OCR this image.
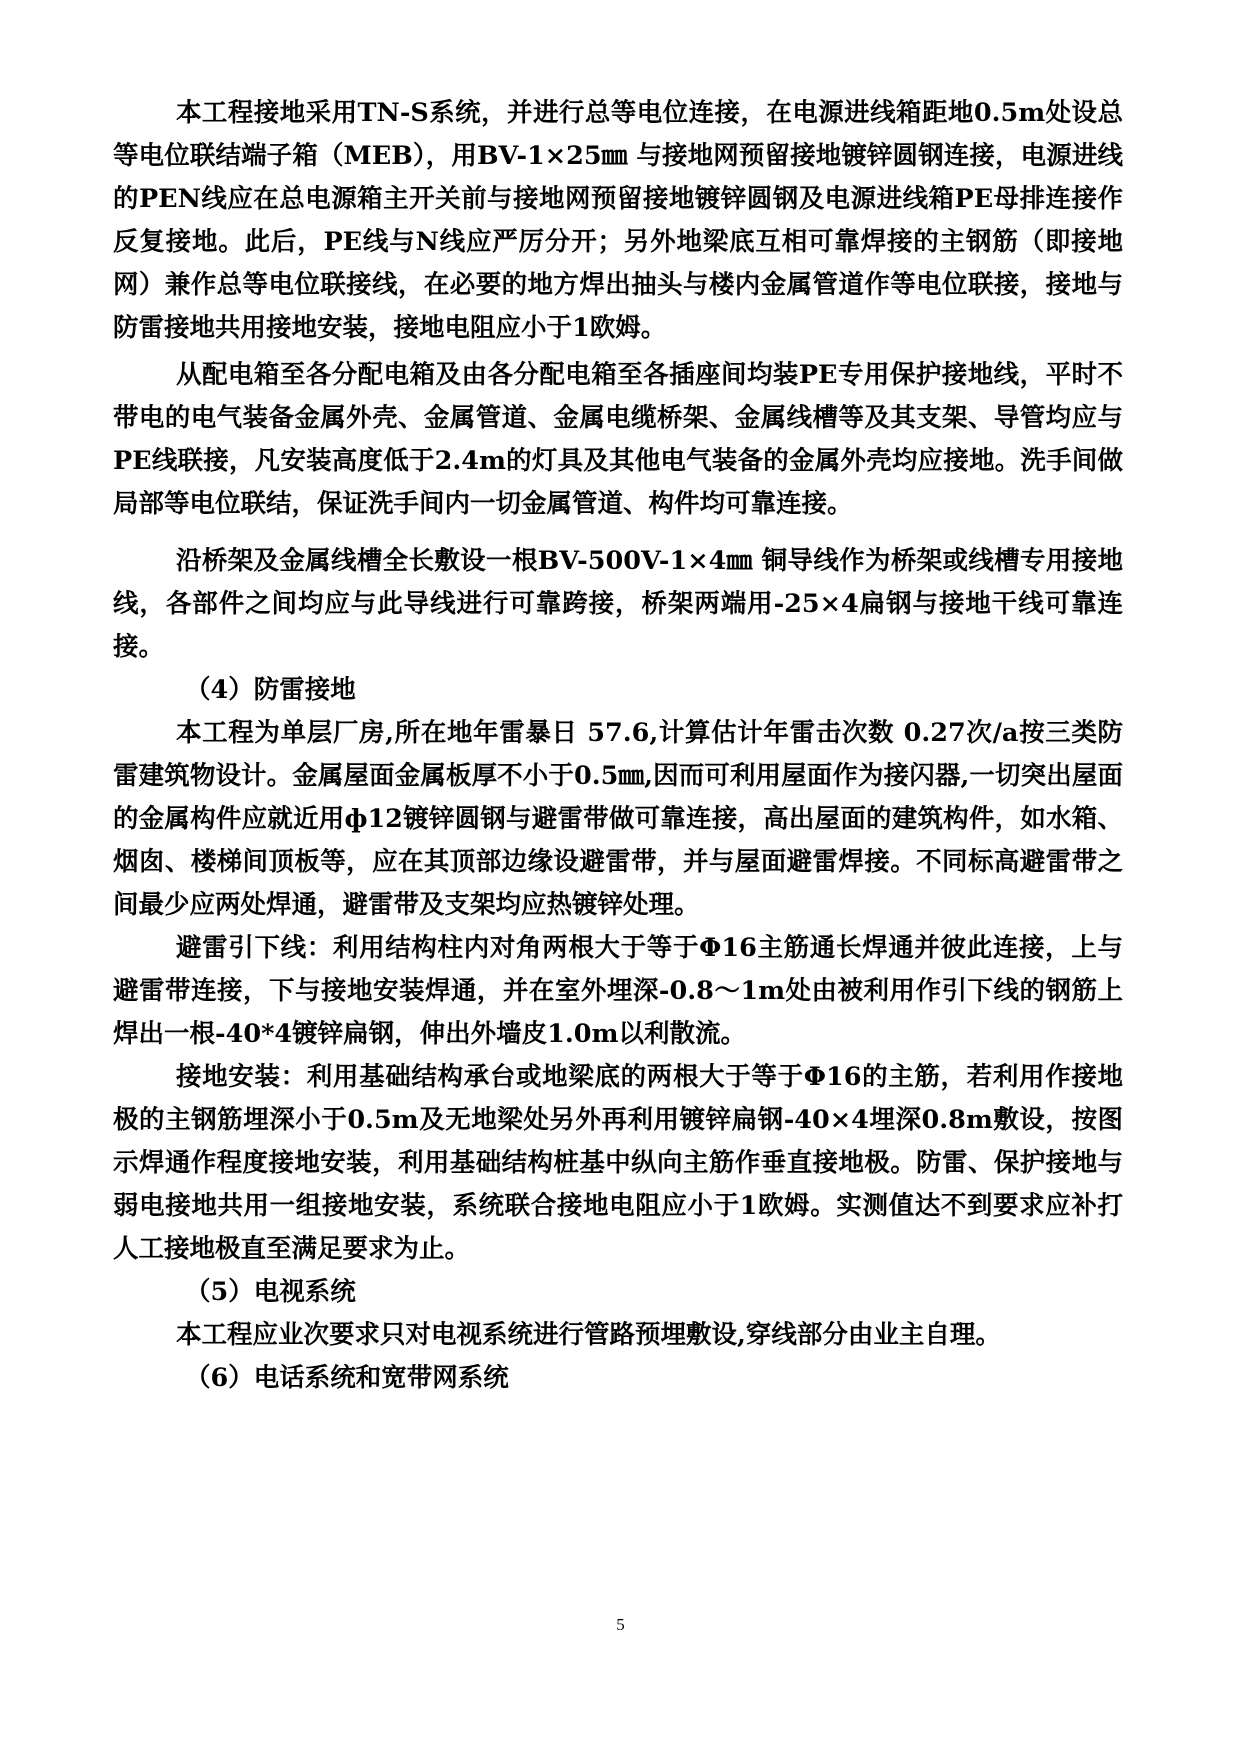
本工程接地采用TN-S系统，并进行总等电位连接，在电源进线箱距地0.5m处设总等电位联结端子箱（MEB），用BV-1×25㎜ 与接地网预留接地镀锌圆钢连接，电源进线的PEN线应在总电源箱主开关前与接地网预留接地镀锌圆钢及电源进线箱PE母排连接作反复接地。此后，PE线与N线应严厉分开；另外地梁底互相可靠焊接的主钢筋（即接地网）兼作总等电位联接线，在必要的地方焊出抽头与楼内金属管道作等电位联接，接地与防雷接地共用接地安装，接地电阻应小于1欧姆。

从配电箱至各分配电箱及由各分配电箱至各插座间均装PE专用保护接地线，平时不带电的电气装备金属外壳、金属管道、金属电缆桥架、金属线槽等及其支架、导管均应与PE线联接，凡安装高度低于2.4m的灯具及其他电气装备的金属外壳均应接地。洗手间做局部等电位联结，保证洗手间内一切金属管道、构件均可靠连接。

沿桥架及金属线槽全长敷设一根BV-500V-1×4㎜ 铜导线作为桥架或线槽专用接地线，各部件之间均应与此导线进行可靠跨接，桥架两端用-25×4扁钢与接地干线可靠连接。

（4）防雷接地

本工程为单层厂房,所在地年雷暴日 57.6,计算估计年雷击次数 0.27次/a按三类防雷建筑物设计。金属屋面金属板厚不小于0.5㎜,因而可利用屋面作为接闪器,一切突出屋面的金属构件应就近用ф12镀锌圆钢与避雷带做可靠连接，高出屋面的建筑构件，如水箱、烟囱、楼梯间顶板等，应在其顶部边缘设避雷带，并与屋面避雷焊接。不同标高避雷带之间最少应两处焊通，避雷带及支架均应热镀锌处理。

避雷引下线：利用结构柱内对角两根大于等于Φ16主筋通长焊通并彼此连接，上与避雷带连接，下与接地安装焊通，并在室外埋深-0.8～1m处由被利用作引下线的钢筋上焊出一根-40*4镀锌扁钢，伸出外墙皮1.0m以利散流。

接地安装：利用基础结构承台或地梁底的两根大于等于Φ16的主筋，若利用作接地极的主钢筋埋深小于0.5m及无地梁处另外再利用镀锌扁钢-40×4埋深0.8m敷设，按图示焊通作程度接地安装，利用基础结构桩基中纵向主筋作垂直接地极。防雷、保护接地与弱电接地共用一组接地安装，系统联合接地电阻应小于1欧姆。实测值达不到要求应补打人工接地极直至满足要求为止。

（5）电视系统

本工程应业次要求只对电视系统进行管路预埋敷设,穿线部分由业主自理。

（6）电话系统和宽带网系统

5
